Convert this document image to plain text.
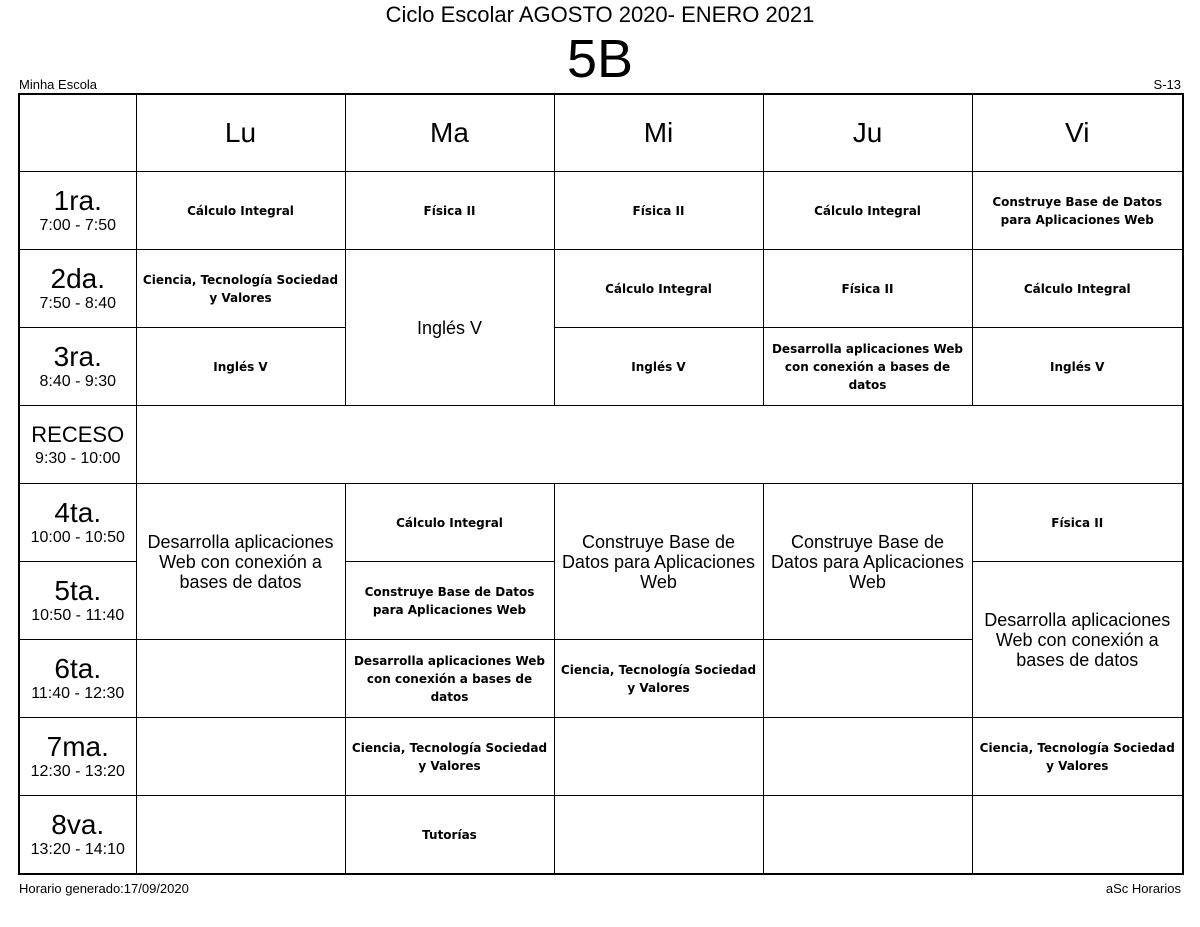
Ciclo Escolar AGOSTO 2020- ENERO 2021
5B
Minha Escola	S-13
	Lu	Ma	Mi	Ju	Vi

1ra.
7:00 - 7:50	Cálculo Integral	Física II	Física II	Cálculo Integral	Construye Base de Datos para Aplicaciones Web

2da.
7:50 - 8:40	Ciencia, Tecnología Sociedad y Valores	Inglés V	Cálculo Integral	Física II	Cálculo Integral

3ra.
8:40 - 9:30	Inglés V		Inglés V	Desarrolla aplicaciones Web con conexión a bases de datos	Inglés V

RECESO
9:30 - 10:00					

4ta.
10:00 - 10:50	Desarrolla aplicaciones Web con conexión a bases de datos	Cálculo Integral	Construye Base de Datos para Aplicaciones Web	Construye Base de Datos para Aplicaciones Web	Física II

5ta.
10:50 - 11:40		Construye Base de Datos para Aplicaciones Web			Desarrolla aplicaciones Web con conexión a bases de datos

6ta.
11:40 - 12:30		Desarrolla aplicaciones Web con conexión a bases de datos	Ciencia, Tecnología Sociedad y Valores		

7ma.
12:30 - 13:20		Ciencia, Tecnología Sociedad y Valores			Ciencia, Tecnología Sociedad y Valores

8va.
13:20 - 14:10		Tutorías			
Horario generado:17/09/2020	aSc Horarios
